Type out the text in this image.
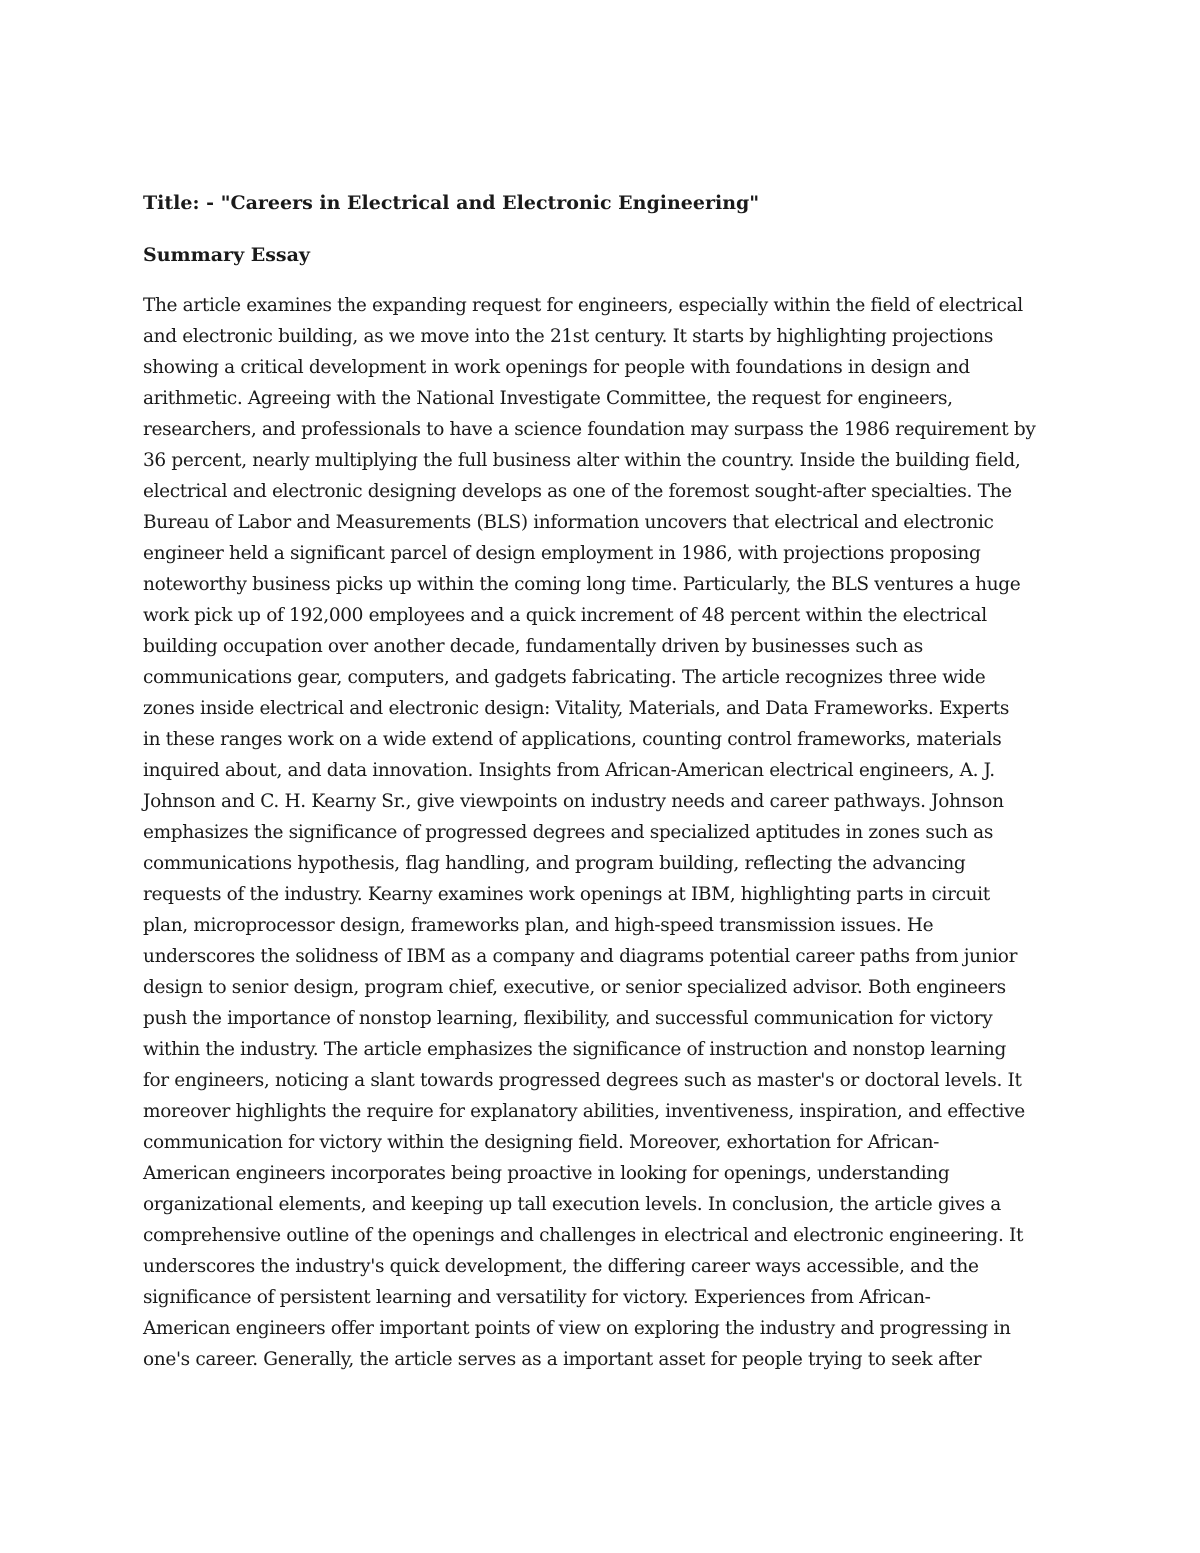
Title: - "Careers in Electrical and Electronic Engineering"
Summary Essay
The article examines the expanding request for engineers, especially within the field of electrical
and electronic building, as we move into the 21st century. It starts by highlighting projections
showing a critical development in work openings for people with foundations in design and
arithmetic. Agreeing with the National Investigate Committee, the request for engineers,
researchers, and professionals to have a science foundation may surpass the 1986 requirement by
36 percent, nearly multiplying the full business alter within the country. Inside the building field,
electrical and electronic designing develops as one of the foremost sought-after specialties. The
Bureau of Labor and Measurements (BLS) information uncovers that electrical and electronic
engineer held a significant parcel of design employment in 1986, with projections proposing
noteworthy business picks up within the coming long time. Particularly, the BLS ventures a huge
work pick up of 192,000 employees and a quick increment of 48 percent within the electrical
building occupation over another decade, fundamentally driven by businesses such as
communications gear, computers, and gadgets fabricating. The article recognizes three wide
zones inside electrical and electronic design: Vitality, Materials, and Data Frameworks. Experts
in these ranges work on a wide extend of applications, counting control frameworks, materials
inquired about, and data innovation. Insights from African-American electrical engineers, A. J.
Johnson and C. H. Kearny Sr., give viewpoints on industry needs and career pathways. Johnson
emphasizes the significance of progressed degrees and specialized aptitudes in zones such as
communications hypothesis, flag handling, and program building, reflecting the advancing
requests of the industry. Kearny examines work openings at IBM, highlighting parts in circuit
plan, microprocessor design, frameworks plan, and high-speed transmission issues. He
underscores the solidness of IBM as a company and diagrams potential career paths from junior
design to senior design, program chief, executive, or senior specialized advisor. Both engineers
push the importance of nonstop learning, flexibility, and successful communication for victory
within the industry. The article emphasizes the significance of instruction and nonstop learning
for engineers, noticing a slant towards progressed degrees such as master's or doctoral levels. It
moreover highlights the require for explanatory abilities, inventiveness, inspiration, and effective
communication for victory within the designing field. Moreover, exhortation for African-
American engineers incorporates being proactive in looking for openings, understanding
organizational elements, and keeping up tall execution levels. In conclusion, the article gives a
comprehensive outline of the openings and challenges in electrical and electronic engineering. It
underscores the industry's quick development, the differing career ways accessible, and the
significance of persistent learning and versatility for victory. Experiences from African-
American engineers offer important points of view on exploring the industry and progressing in
one's career. Generally, the article serves as a important asset for people trying to seek after
